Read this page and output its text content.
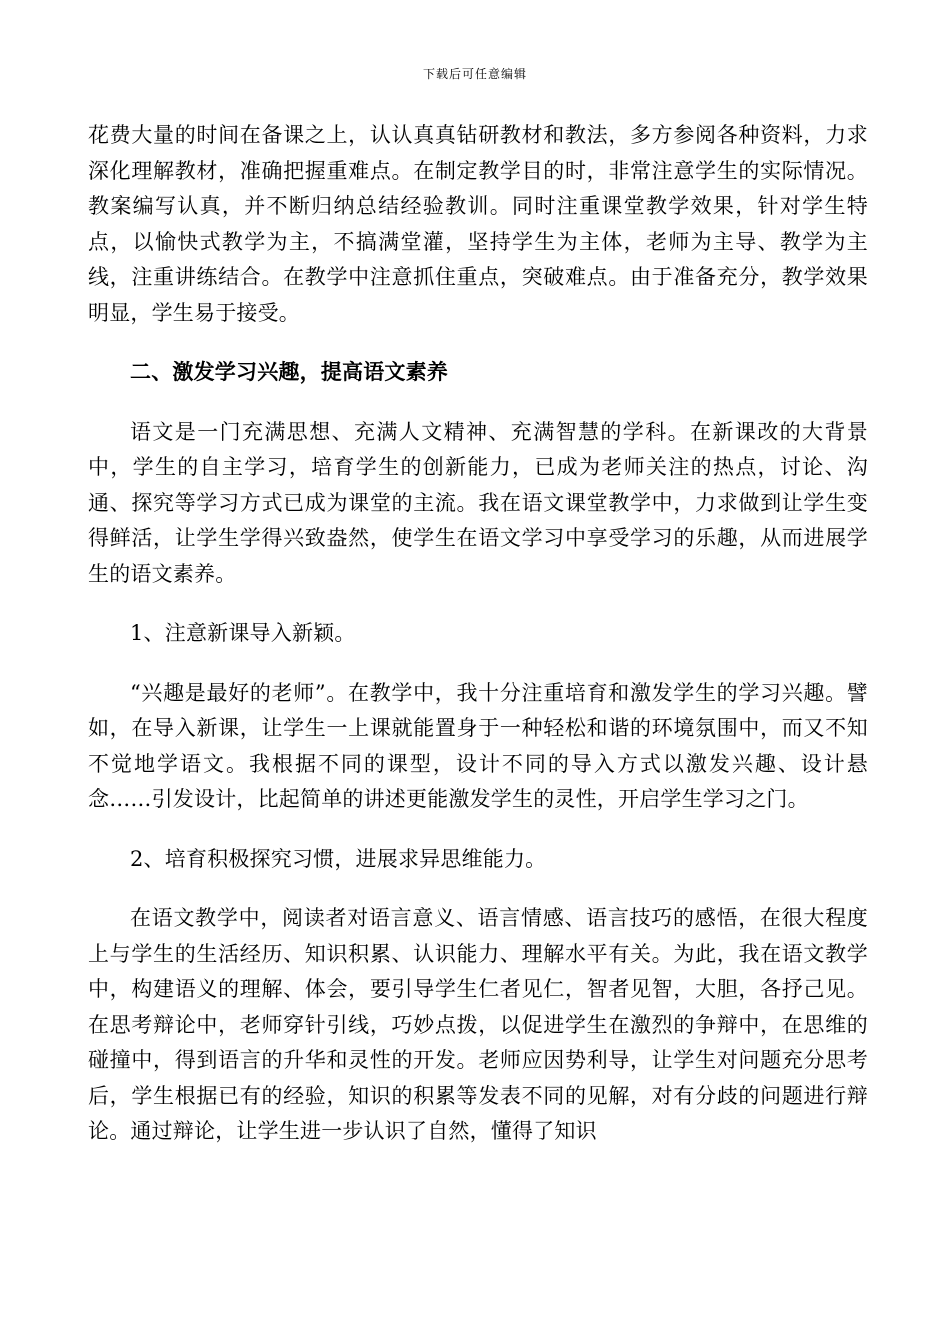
下载后可任意编辑

花费大量的时间在备课之上，认认真真钻研教材和教法，多方参阅各种资料，力求深化理解教材，准确把握重难点。在制定教学目的时，非常注意学生的实际情况。教案编写认真，并不断归纳总结经验教训。同时注重课堂教学效果，针对学生特点，以愉快式教学为主，不搞满堂灌，坚持学生为主体，老师为主导、教学为主线，注重讲练结合。在教学中注意抓住重点，突破难点。由于准备充分，教学效果明显，学生易于接受。

二、激发学习兴趣，提高语文素养

语文是一门充满思想、充满人文精神、充满智慧的学科。在新课改的大背景中，学生的自主学习，培育学生的创新能力，已成为老师关注的热点，讨论、沟通、探究等学习方式已成为课堂的主流。我在语文课堂教学中，力求做到让学生变得鲜活，让学生学得兴致盎然，使学生在语文学习中享受学习的乐趣，从而进展学生的语文素养。

1、注意新课导入新颖。

“兴趣是最好的老师”。在教学中，我十分注重培育和激发学生的学习兴趣。譬如，在导入新课，让学生一上课就能置身于一种轻松和谐的环境氛围中，而又不知不觉地学语文。我根据不同的课型，设计不同的导入方式以激发兴趣、设计悬念……引发设计，比起简单的讲述更能激发学生的灵性，开启学生学习之门。

2、培育积极探究习惯，进展求异思维能力。

在语文教学中，阅读者对语言意义、语言情感、语言技巧的感悟，在很大程度上与学生的生活经历、知识积累、认识能力、理解水平有关。为此，我在语文教学中，构建语义的理解、体会，要引导学生仁者见仁，智者见智，大胆，各抒己见。在思考辩论中，老师穿针引线，巧妙点拨，以促进学生在激烈的争辩中，在思维的碰撞中，得到语言的升华和灵性的开发。老师应因势利导，让学生对问题充分思考后，学生根据已有的经验，知识的积累等发表不同的见解，对有分歧的问题进行辩论。通过辩论，让学生进一步认识了自然，懂得了知识
